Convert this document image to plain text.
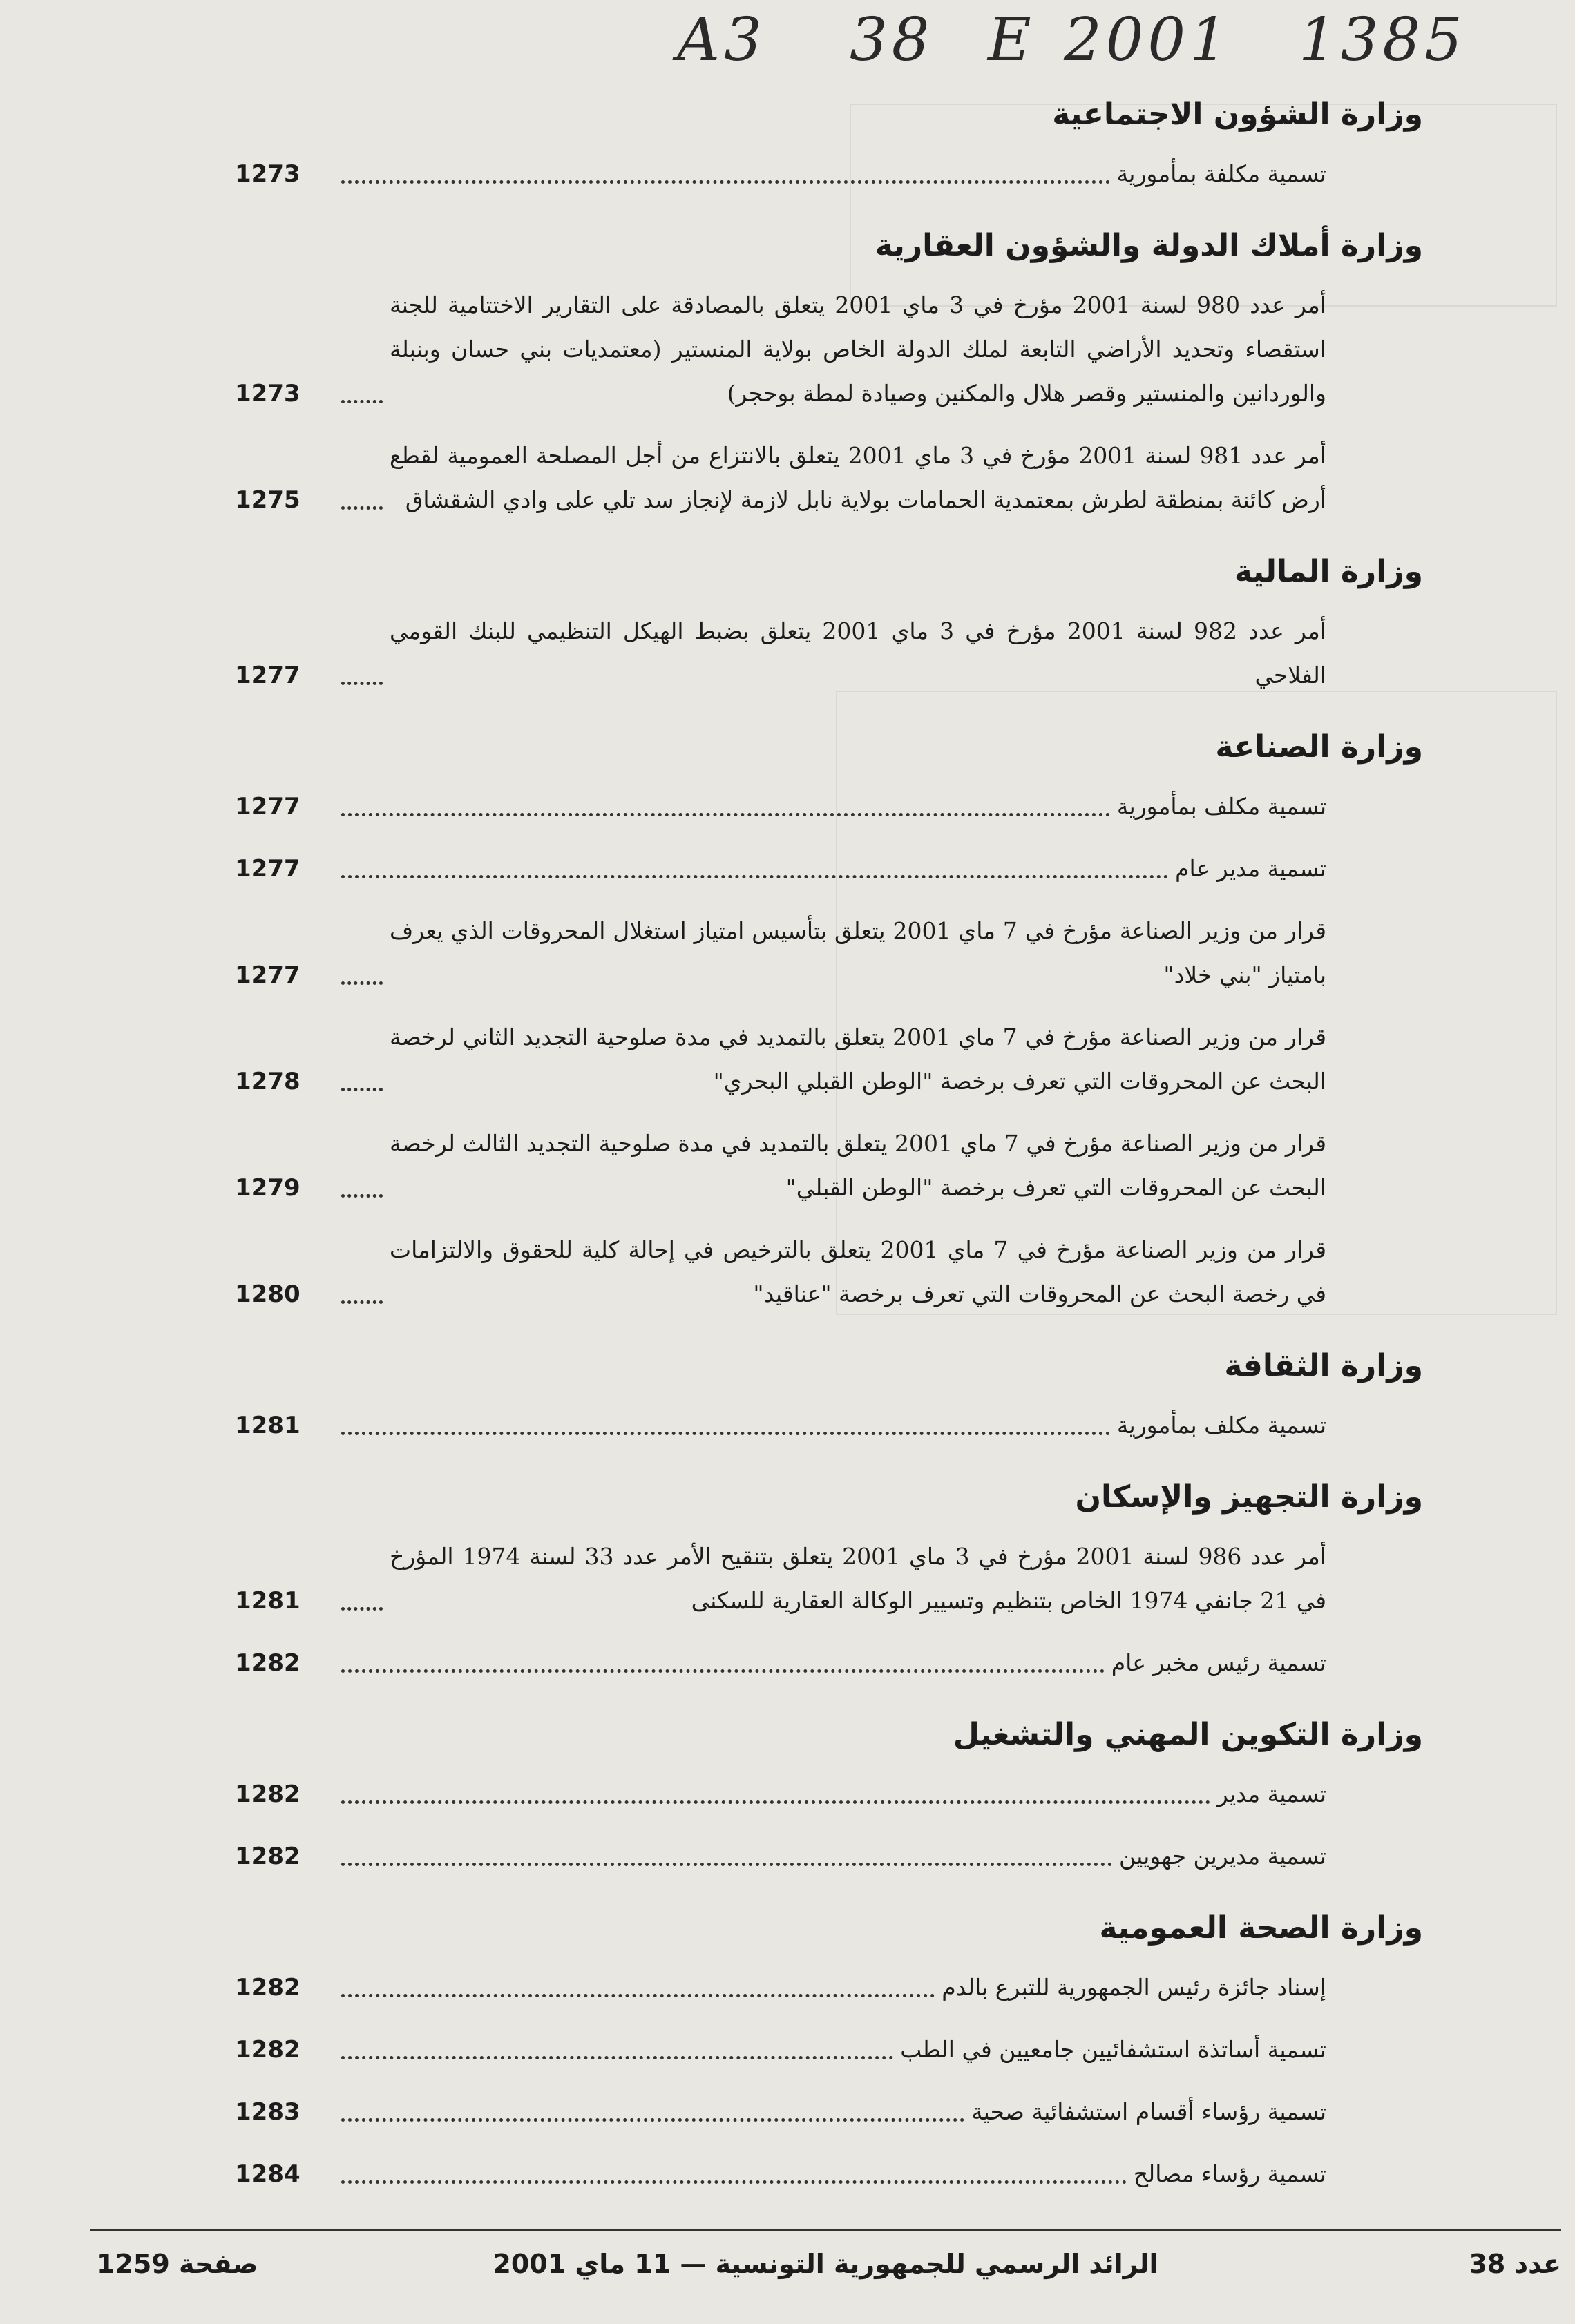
A3 38 E 2001 1385
وزارة الشؤون الاجتماعية
تسمية مكلفة بمأمورية
1273
وزارة أملاك الدولة والشؤون العقارية
أمر عدد 980 لسنة 2001 مؤرخ في 3 ماي 2001 يتعلق بالمصادقة على التقارير الاختتامية للجنة استقصاء وتحديد الأراضي التابعة لملك الدولة الخاص بولاية المنستير (معتمديات بني حسان وبنبلة والوردانين والمنستير وقصر هلال والمكنين وصيادة لمطة بوحجر)
1273
أمر عدد 981 لسنة 2001 مؤرخ في 3 ماي 2001 يتعلق بالانتزاع من أجل المصلحة العمومية لقطع أرض كائنة بمنطقة لطرش بمعتمدية الحمامات بولاية نابل لازمة لإنجاز سد تلي على وادي الشقشاق
1275
وزارة المالية
أمر عدد 982 لسنة 2001 مؤرخ في 3 ماي 2001 يتعلق بضبط الهيكل التنظيمي للبنك القومي الفلاحي
1277
وزارة الصناعة
تسمية مكلف بمأمورية
1277
تسمية مدير عام
1277
قرار من وزير الصناعة مؤرخ في 7 ماي 2001 يتعلق بتأسيس امتياز استغلال المحروقات الذي يعرف بامتياز "بني خلاد"
1277
قرار من وزير الصناعة مؤرخ في 7 ماي 2001 يتعلق بالتمديد في مدة صلوحية التجديد الثاني لرخصة البحث عن المحروقات التي تعرف برخصة "الوطن القبلي البحري"
1278
قرار من وزير الصناعة مؤرخ في 7 ماي 2001 يتعلق بالتمديد في مدة صلوحية التجديد الثالث لرخصة البحث عن المحروقات التي تعرف برخصة "الوطن القبلي"
1279
قرار من وزير الصناعة مؤرخ في 7 ماي 2001 يتعلق بالترخيص في إحالة كلية للحقوق والالتزامات في رخصة البحث عن المحروقات التي تعرف برخصة "عناقيد"
1280
وزارة الثقافة
تسمية مكلف بمأمورية
1281
وزارة التجهيز والإسكان
أمر عدد 986 لسنة 2001 مؤرخ في 3 ماي 2001 يتعلق بتنقيح الأمر عدد 33 لسنة 1974 المؤرخ في 21 جانفي 1974 الخاص بتنظيم وتسيير الوكالة العقارية للسكنى
1281
تسمية رئيس مخبر عام
1282
وزارة التكوين المهني والتشغيل
تسمية مدير
1282
تسمية مديرين جهويين
1282
وزارة الصحة العمومية
إسناد جائزة رئيس الجمهورية للتبرع بالدم
1282
تسمية أساتذة استشفائيين جامعيين في الطب
1282
تسمية رؤساء أقسام استشفائية صحية
1283
تسمية رؤساء مصالح
1284
عدد 38
الرائد الرسمي للجمهورية التونسية — 11 ماي 2001
صفحة 1259
